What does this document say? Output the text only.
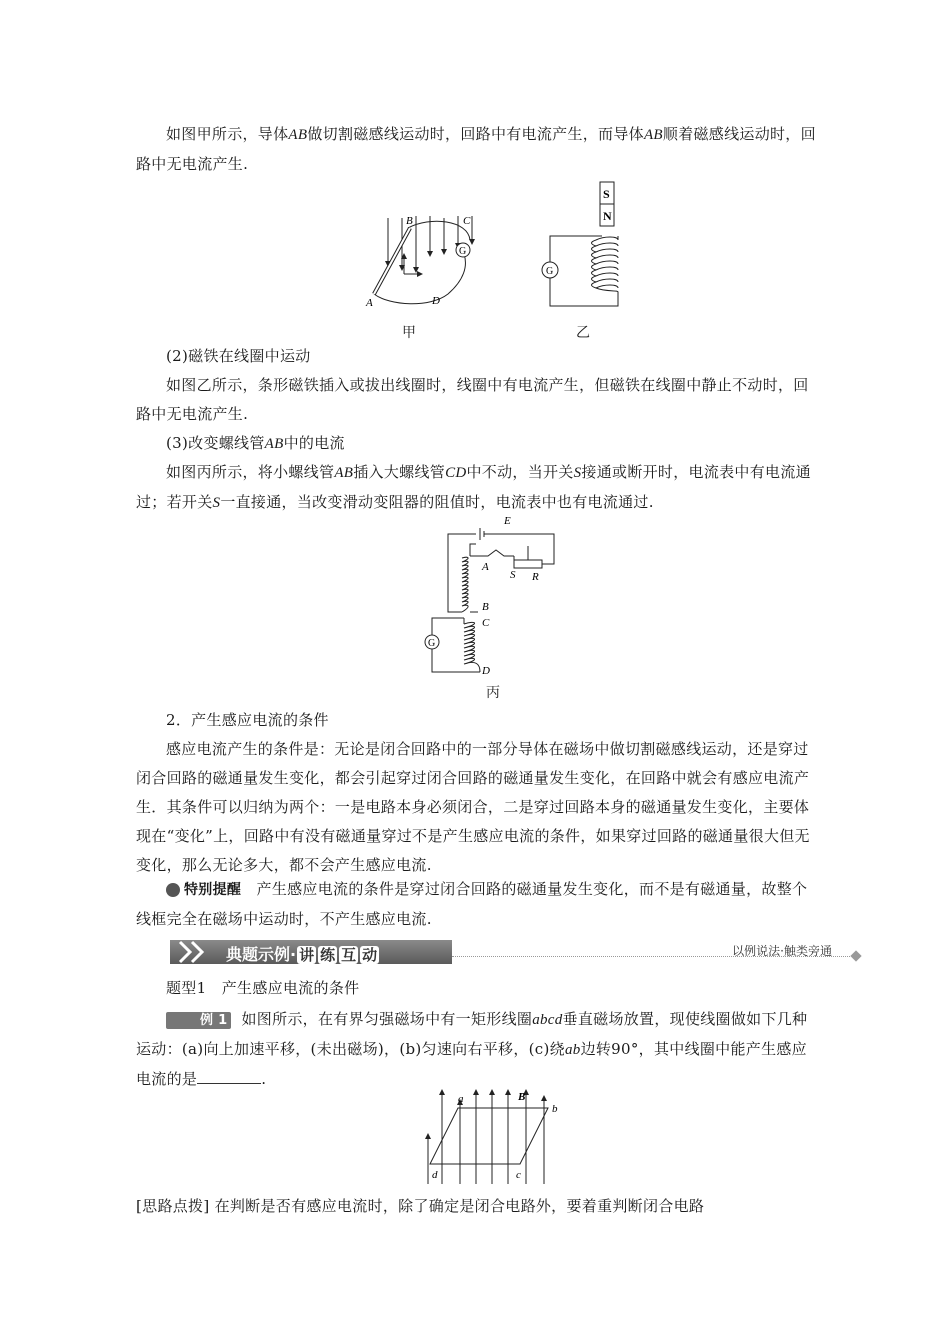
如图甲所示，导体AB做切割磁感线运动时，回路中有电流产生，而导体AB顺着磁感线运动时，回路中无电流产生.
G
B	C
A	D
甲
S
N
G
乙
(2)磁铁在线圈中运动
如图乙所示，条形磁铁插入或拔出线圈时，线圈中有电流产生，但磁铁在线圈中静止不动时，回路中无电流产生.
(3)改变螺线管AB中的电流
如图丙所示，将小螺线管AB插入大螺线管CD中不动，当开关S接通或断开时，电流表中有电流通过；若开关S一直接通，当改变滑动变阻器的阻值时，电流表中也有电流通过.
G
E
A
S R
B
C
D
丙
2．产生感应电流的条件
感应电流产生的条件是：无论是闭合回路中的一部分导体在磁场中做切割磁感线运动，还是穿过闭合回路的磁通量发生变化，都会引起穿过闭合回路的磁通量发生变化，在回路中就会有感应电流产生．其条件可以归纳为两个：一是电路本身必须闭合，二是穿过回路本身的磁通量发生变化，主要体现在“变化”上，回路中有没有磁通量穿过不是产生感应电流的条件，如果穿过回路的磁通量很大但无变化，那么无论多大，都不会产生感应电流.
特别提醒　 产生感应电流的条件是穿过闭合回路的磁通量发生变化，而不是有磁通量，故整个线框完全在磁场中运动时，不产生感应电流.
典题示例· 讲 练 互 动	以例说法·触类旁通
题型1　产生感应电流的条件
例 1 如图所示，在有界匀强磁场中有一矩形线圈abcd垂直磁场放置，现使线圈做如下几种运动：(a)向上加速平移，(未出磁场)，(b)匀速向右平移，(c)绕ab边转90°，其中线圈中能产生感应电流的是	.
a	B
b
d	c
[思路点拨] 在判断是否有感应电流时，除了确定是闭合电路外，要着重判断闭合电路
